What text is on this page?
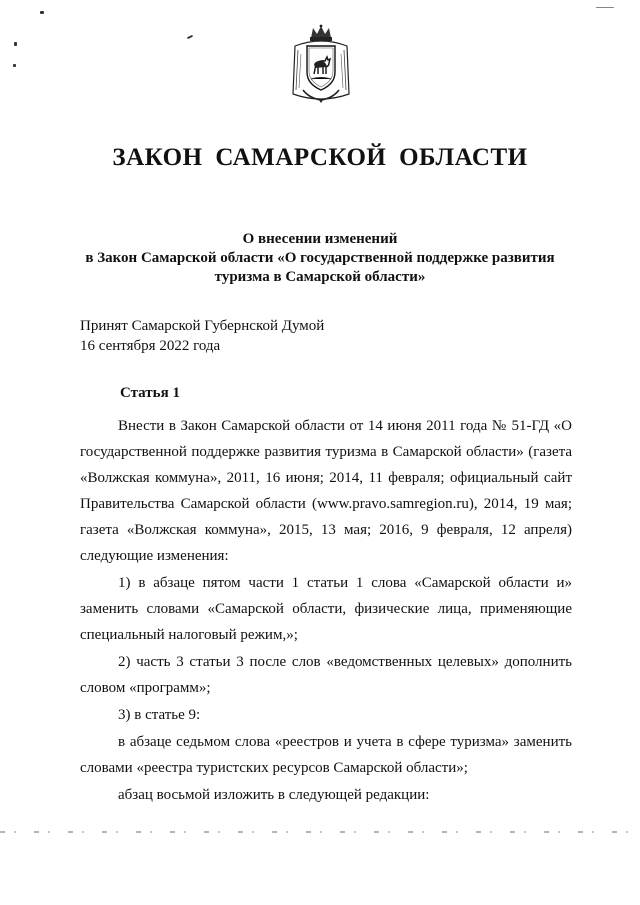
ЗАКОН САМАРСКОЙ ОБЛАСТИ
О внесении изменений
в Закон Самарской области «О государственной поддержке развития
туризма в Самарской области»
Принят Самарской Губернской Думой
16 сентября 2022 года
Статья 1

Внести в Закон Самарской области от 14 июня 2011 года № 51-ГД «О государственной поддержке развития туризма в Самарской области» (газета «Волжская коммуна», 2011, 16 июня; 2014, 11 февраля; официальный сайт Правительства Самарской области (www.pravo.samregion.ru), 2014, 19 мая; газета «Волжская коммуна», 2015, 13 мая; 2016, 9 февраля, 12 апреля) следующие изменения:

1) в абзаце пятом части 1 статьи 1 слова «Самарской области и» заменить словами «Самарской области, физические лица, применяющие специальный налоговый режим,»;

2) часть 3 статьи 3 после слов «ведомственных целевых» дополнить словом «программ»;

3) в статье 9:

в абзаце седьмом слова «реестров и учета в сфере туризма» заменить словами «реестра туристских ресурсов Самарской области»;

абзац восьмой изложить в следующей редакции:
